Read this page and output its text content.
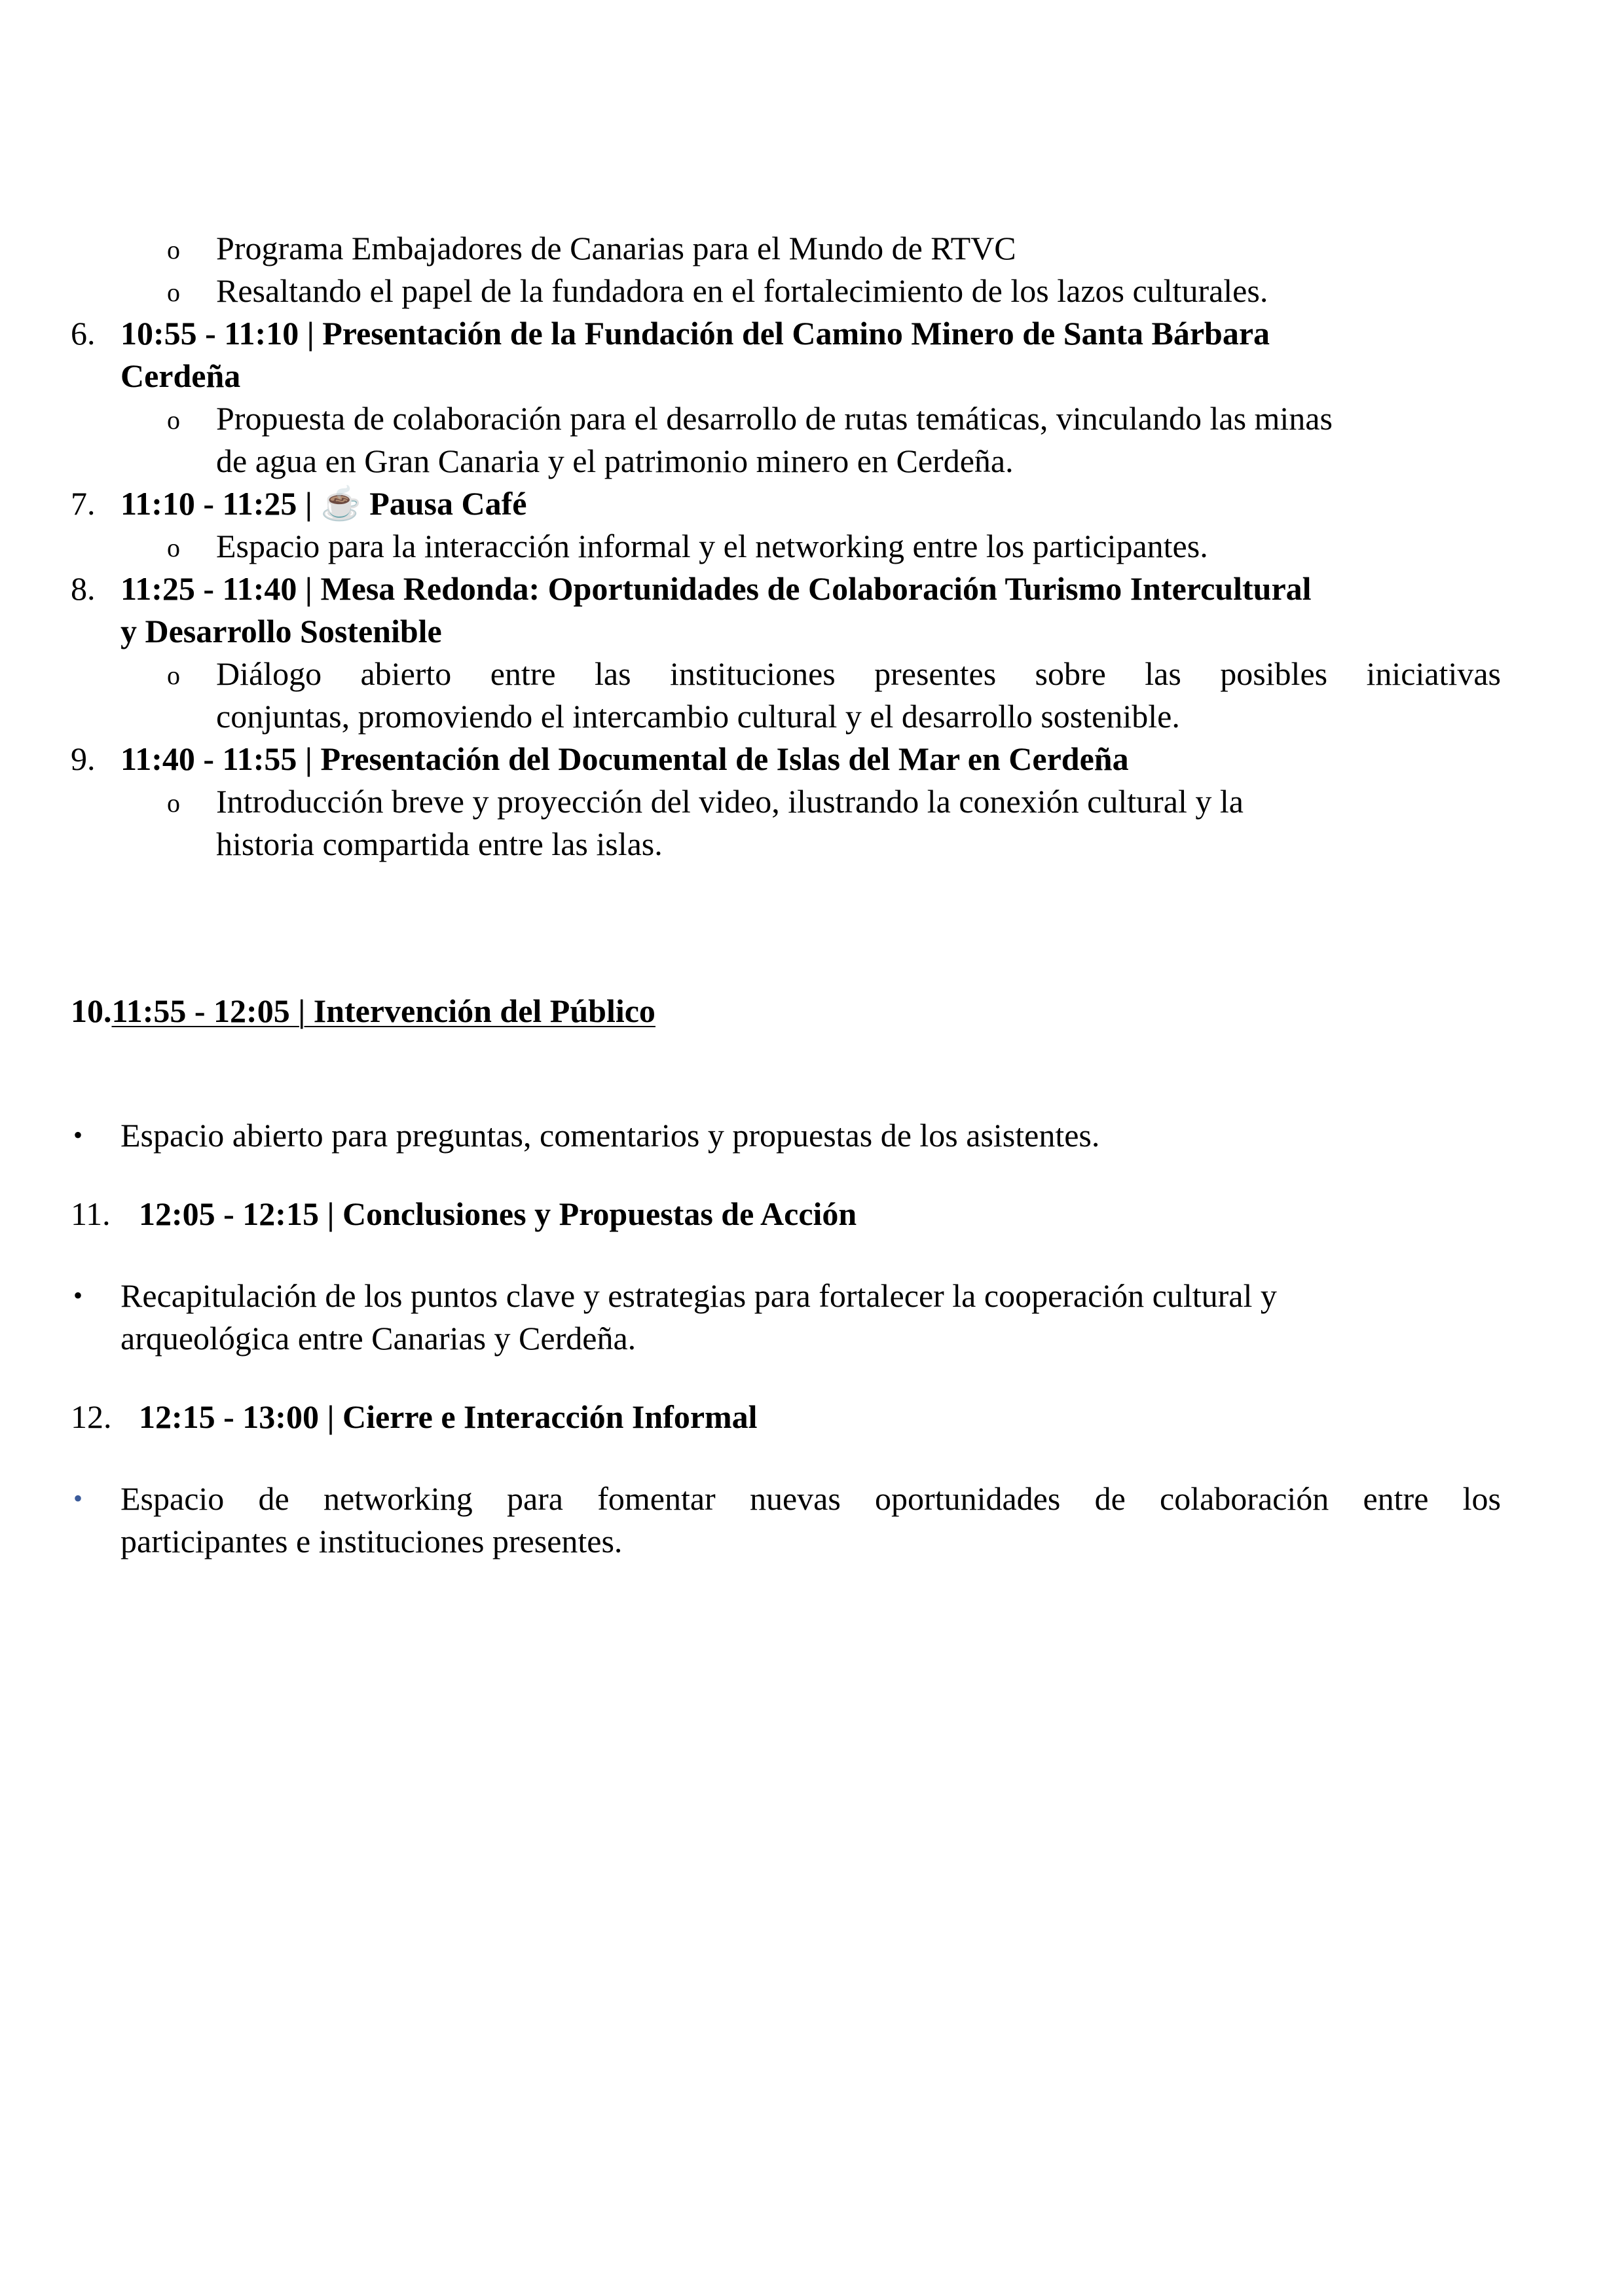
o Programa Embajadores de Canarias para el Mundo de RTVC
o Resaltando el papel de la fundadora en el fortalecimiento de los lazos culturales.
6. 10:55 - 11:10 | Presentación de la Fundación del Camino Minero de Santa Bárbara
Cerdeña
o Propuesta de colaboración para el desarrollo de rutas temáticas, vinculando las minas
de agua en Gran Canaria y el patrimonio minero en Cerdeña.
7. 11:10 - 11:25 | ☕ Pausa Café
o Espacio para la interacción informal y el networking entre los participantes.
8. 11:25 - 11:40 | Mesa Redonda: Oportunidades de Colaboración Turismo Intercultural
y Desarrollo Sostenible
o Diálogo abierto entre las instituciones presentes sobre las posibles iniciativas
conjuntas, promoviendo el intercambio cultural y el desarrollo sostenible.
9. 11:40 - 11:55 | Presentación del Documental de Islas del Mar en Cerdeña
o Introducción breve y proyección del video, ilustrando la conexión cultural y la
historia compartida entre las islas.
10.11:55 - 12:05 | Intervención del Público
• Espacio abierto para preguntas, comentarios y propuestas de los asistentes.
11. 12:05 - 12:15 | Conclusiones y Propuestas de Acción
• Recapitulación de los puntos clave y estrategias para fortalecer la cooperación cultural y
arqueológica entre Canarias y Cerdeña.
12. 12:15 - 13:00 | Cierre e Interacción Informal
• Espacio de networking para fomentar nuevas oportunidades de colaboración entre los
participantes e instituciones presentes.
